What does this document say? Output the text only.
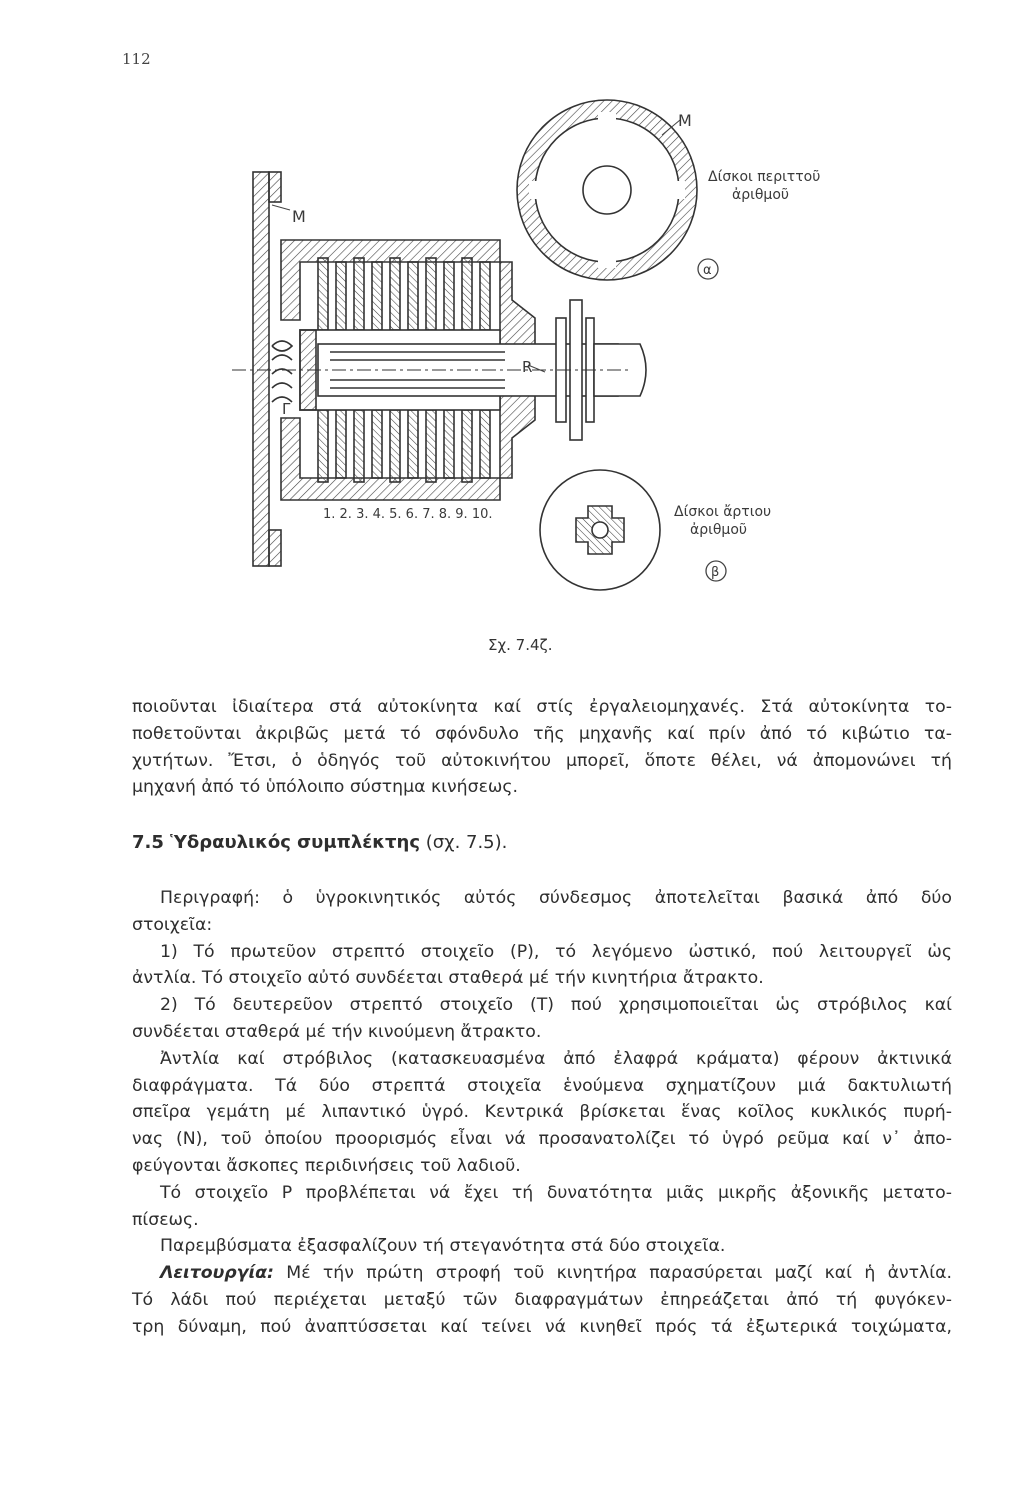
112
M
M
R
Γ
1. 2. 3. 4. 5. 6. 7. 8. 9. 10.
Δίσκοι περιττοῦ
ἀριθμοῦ
Δίσκοι ἄρτιου
ἀριθμοῦ
α
β
Σχ. 7.4ζ.

ποιοῦνται ἰδιαίτερα στά αὐτοκίνητα καί στίς ἐργαλειομηχανές. Στά αὐτοκίνητα το-

ποθετοῦνται ἀκριβῶς μετά τό σφόνδυλο τῆς μηχανῆς καί πρίν ἀπό τό κιβώτιο τα-

χυτήτων. Ἔτσι, ὁ ὁδηγός τοῦ αὐτοκινήτου μπορεῖ, ὅποτε θέλει, νά ἀπομονώνει τή

μηχανή ἀπό τό ὑπόλοιπο σύστημα κινήσεως.

7.5 Ὑδραυλικός συμπλέκτης (σχ. 7.5).

Περιγραφή: ὁ ὑγροκινητικός αὐτός σύνδεσμος ἀποτελεῖται βασικά ἀπό δύο

στοιχεῖα:

1) Τό πρωτεῦον στρεπτό στοιχεῖο (Ρ), τό λεγόμενο ὠστικό, πού λειτουργεῖ ὡς

ἀντλία. Τό στοιχεῖο αὐτό συνδέεται σταθερά μέ τήν κινητήρια ἄτρακτο.

2) Τό δευτερεῦον στρεπτό στοιχεῖο (Τ) πού χρησιμοποιεῖται ὡς στρόβιλος καί

συνδέεται σταθερά μέ τήν κινούμενη ἄτρακτο.

Ἀντλία καί στρόβιλος (κατασκευασμένα ἀπό ἐλαφρά κράματα) φέρουν ἀκτινικά

διαφράγματα. Τά δύο στρεπτά στοιχεῖα ἑνούμενα σχηματίζουν μιά δακτυλιωτή

σπεῖρα γεμάτη μέ λιπαντικό ὑγρό. Κεντρικά βρίσκεται ἕνας κοῖλος κυκλικός πυρή-

νας (Ν), τοῦ ὁποίου προορισμός εἶναι νά προσανατολίζει τό ὑγρό ρεῦμα καί ν᾽ ἀπο-

φεύγονται ἄσκοπες περιδινήσεις τοῦ λαδιοῦ.

Τό στοιχεῖο Ρ προβλέπεται νά ἔχει τή δυνατότητα μιᾶς μικρῆς ἀξονικῆς μετατο-

πίσεως.

Παρεμβύσματα ἐξασφαλίζουν τή στεγανότητα στά δύο στοιχεῖα.

Λειτουργία: Μέ τήν πρώτη στροφή τοῦ κινητήρα παρασύρεται μαζί καί ἡ ἀντλία.

Τό λάδι πού περιέχεται μεταξύ τῶν διαφραγμάτων ἐπηρεάζεται ἀπό τή φυγόκεν-

τρη δύναμη, πού ἀναπτύσσεται καί τείνει νά κινηθεῖ πρός τά ἐξωτερικά τοιχώματα,
